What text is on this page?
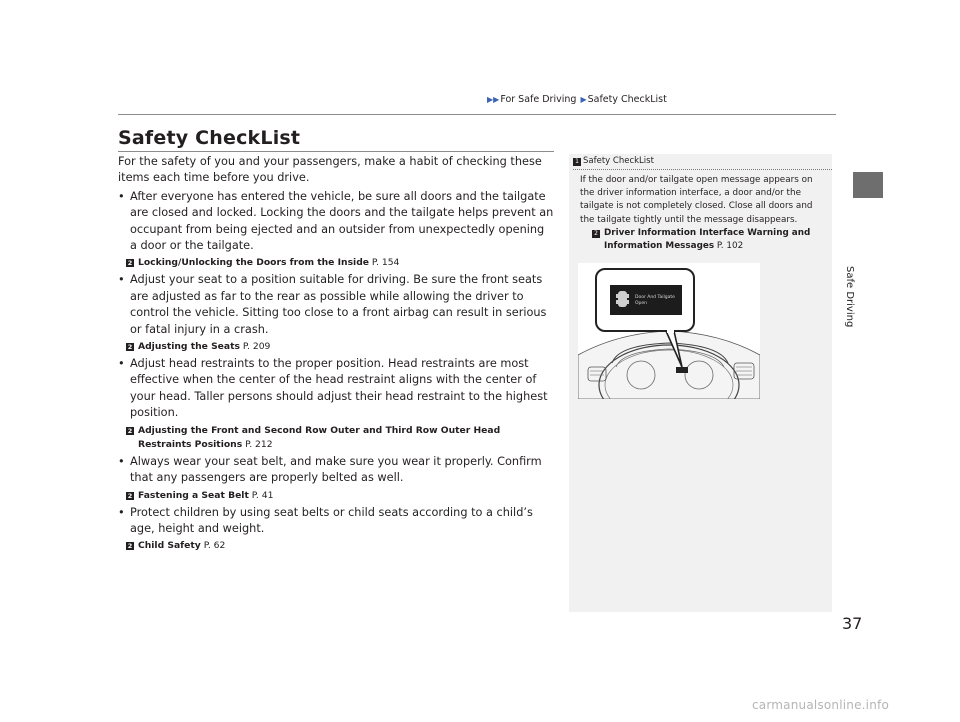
▶▶For Safe Driving ▶Safety CheckList
Safety CheckList

For the safety of you and your passengers, make a habit of checking these items each time before you drive.

• After everyone has entered the vehicle, be sure all doors and the tailgate are closed and locked. Locking the doors and the tailgate helps prevent an occupant from being ejected and an outsider from unexpectedly opening a door or the tailgate.
2 Locking/Unlocking the Doors from the Inside P. 154
• Adjust your seat to a position suitable for driving. Be sure the front seats are adjusted as far to the rear as possible while allowing the driver to control the vehicle. Sitting too close to a front airbag can result in serious or fatal injury in a crash.
2 Adjusting the Seats P. 209
• Adjust head restraints to the proper position. Head restraints are most effective when the center of the head restraint aligns with the center of your head. Taller persons should adjust their head restraint to the highest position.
2 Adjusting the Front and Second Row Outer and Third Row Outer Head
Restraints Positions P. 212
• Always wear your seat belt, and make sure you wear it properly. Confirm that any passengers are properly belted as well.
2 Fastening a Seat Belt P. 41
• Protect children by using seat belts or child seats according to a child’s age, height and weight.
2 Child Safety P. 62
1 Safety CheckList
If the door and/or tailgate open message appears on the driver information interface, a door and/or the tailgate is not completely closed. Close all doors and the tailgate tightly until the message disappears.
2 Driver Information Interface Warning and
Information Messages P. 102
Door And Tailgate
Open	Safe Driving
37
carmanualsonline.info
